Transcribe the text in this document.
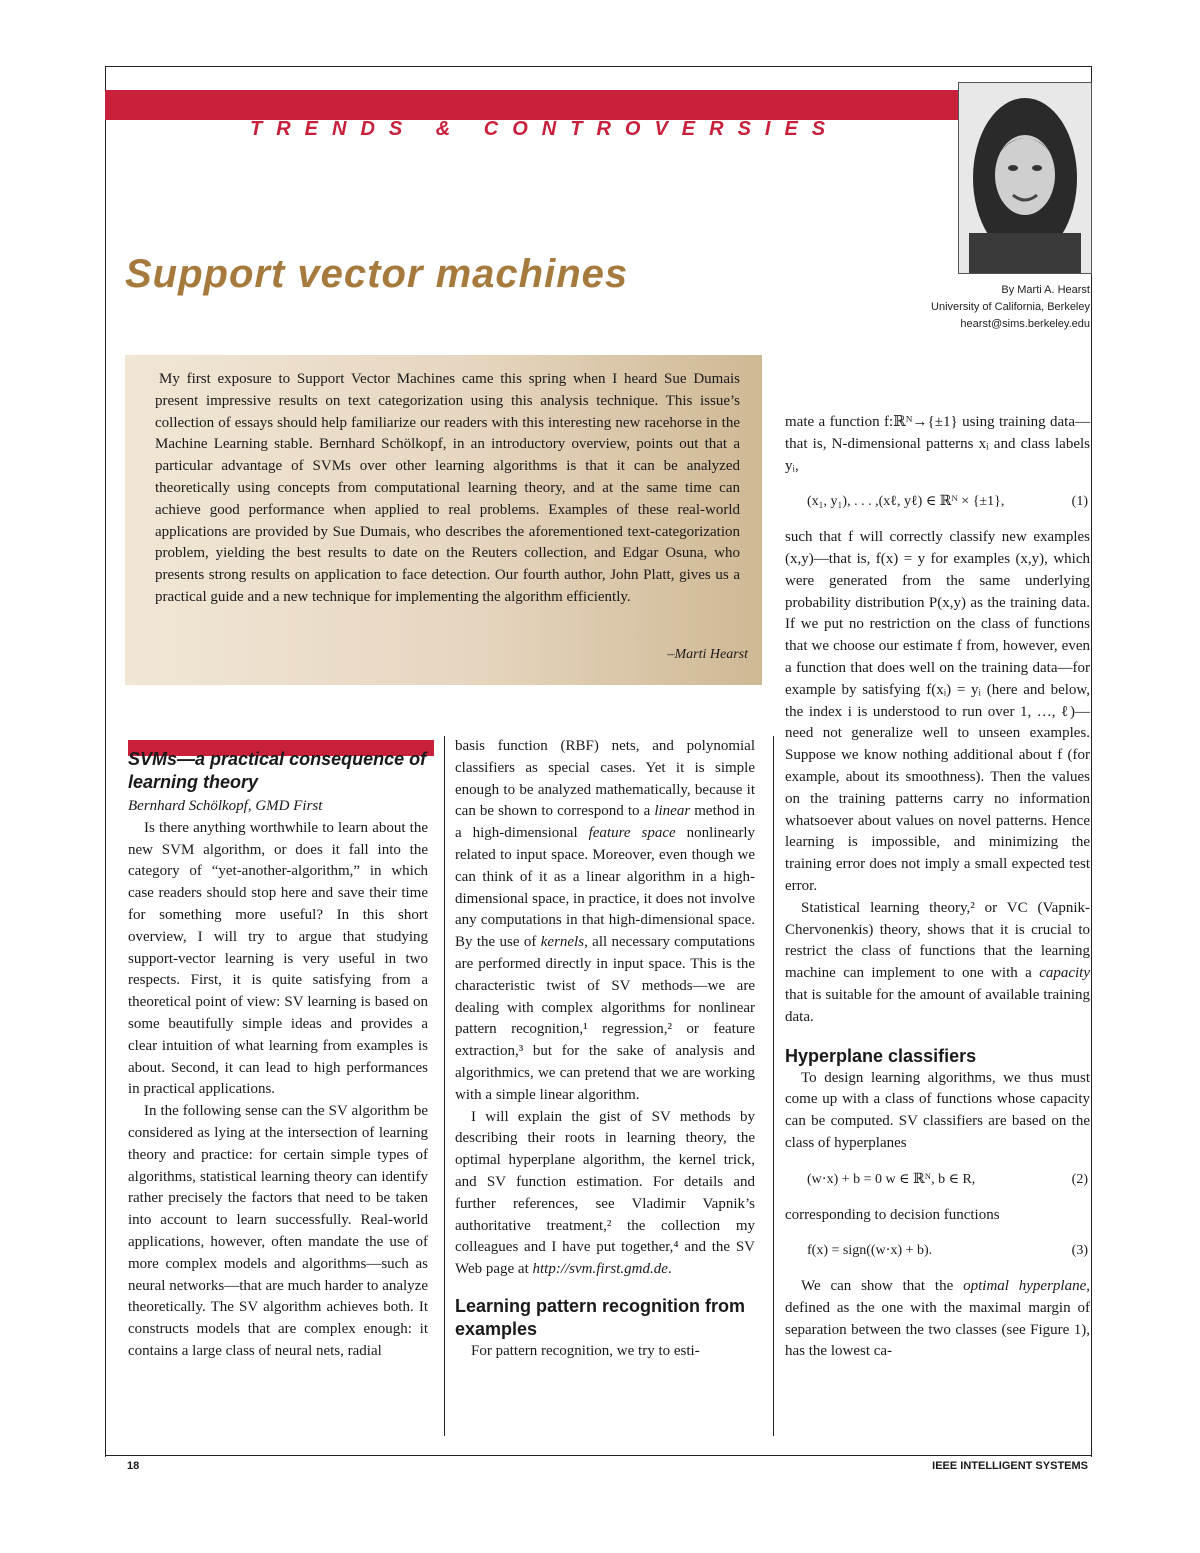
TRENDS & CONTROVERSIES
By Marti A. Hearst
University of California, Berkeley
hearst@sims.berkeley.edu
Support vector machines

My first exposure to Support Vector Machines came this spring when I heard Sue Dumais present impressive results on text categorization using this analysis technique. This issue’s collection of essays should help familiarize our readers with this interesting new racehorse in the Machine Learning stable. Bernhard Schölkopf, in an introductory overview, points out that a particular advantage of SVMs over other learning algorithms is that it can be analyzed theoretically using concepts from computational learning theory, and at the same time can achieve good performance when applied to real problems. Examples of these real-world applications are provided by Sue Dumais, who describes the aforementioned text-categorization problem, yielding the best results to date on the Reuters collection, and Edgar Osuna, who presents strong results on application to face detection. Our fourth author, John Platt, gives us a practical guide and a new technique for implementing the algorithm efficiently.

–Marti Hearst
SVMs—a practical consequence of learning theory

Bernhard Schölkopf, GMD First

Is there anything worthwhile to learn about the new SVM algorithm, or does it fall into the category of “yet-another-algorithm,” in which case readers should stop here and save their time for something more useful? In this short overview, I will try to argue that studying support-vector learning is very useful in two respects. First, it is quite satisfying from a theoretical point of view: SV learning is based on some beautifully simple ideas and provides a clear intuition of what learning from examples is about. Second, it can lead to high performances in practical applications.

In the following sense can the SV algorithm be considered as lying at the intersection of learning theory and practice: for certain simple types of algorithms, statistical learning theory can identify rather precisely the factors that need to be taken into account to learn successfully. Real-world applications, however, often mandate the use of more complex models and algorithms—such as neural networks—that are much harder to analyze theoretically. The SV algorithm achieves both. It constructs models that are complex enough: it contains a large class of neural nets, radial

basis function (RBF) nets, and polynomial classifiers as special cases. Yet it is simple enough to be analyzed mathematically, because it can be shown to correspond to a linear method in a high-dimensional feature space nonlinearly related to input space. Moreover, even though we can think of it as a linear algorithm in a high-dimensional space, in practice, it does not involve any computations in that high-dimensional space. By the use of kernels, all necessary computations are performed directly in input space. This is the characteristic twist of SV methods—we are dealing with complex algorithms for nonlinear pattern recognition,¹ regression,² or feature extraction,³ but for the sake of analysis and algorithmics, we can pretend that we are working with a simple linear algorithm.

I will explain the gist of SV methods by describing their roots in learning theory, the optimal hyperplane algorithm, the kernel trick, and SV function estimation. For details and further references, see Vladimir Vapnik’s authoritative treatment,² the collection my colleagues and I have put together,⁴ and the SV Web page at http://svm.first.gmd.de.

Learning pattern recognition from examples

For pattern recognition, we try to esti-

mate a function f:ℝᴺ→{±1} using training data—that is, N-dimensional patterns xᵢ and class labels yᵢ,

(x₁, y₁), . . . ,(xℓ, yℓ) ∈ ℝᴺ × {±1},	(1)

such that f will correctly classify new examples (x,y)—that is, f(x) = y for examples (x,y), which were generated from the same underlying probability distribution P(x,y) as the training data. If we put no restriction on the class of functions that we choose our estimate f from, however, even a function that does well on the training data—for example by satisfying f(xᵢ) = yᵢ (here and below, the index i is understood to run over 1, …, ℓ)—need not generalize well to unseen examples. Suppose we know nothing additional about f (for example, about its smoothness). Then the values on the training patterns carry no information whatsoever about values on novel patterns. Hence learning is impossible, and minimizing the training error does not imply a small expected test error.

Statistical learning theory,² or VC (Vapnik-Chervonenkis) theory, shows that it is crucial to restrict the class of functions that the learning machine can implement to one with a capacity that is suitable for the amount of available training data.

Hyperplane classifiers

To design learning algorithms, we thus must come up with a class of functions whose capacity can be computed. SV classifiers are based on the class of hyperplanes

(w⋅x) + b = 0 w ∈ ℝᴺ, b ∈ R,	(2)

corresponding to decision functions

f(x) = sign((w⋅x) + b).	(3)

We can show that the optimal hyperplane, defined as the one with the maximal margin of separation between the two classes (see Figure 1), has the lowest ca-

18	IEEE INTELLIGENT SYSTEMS
